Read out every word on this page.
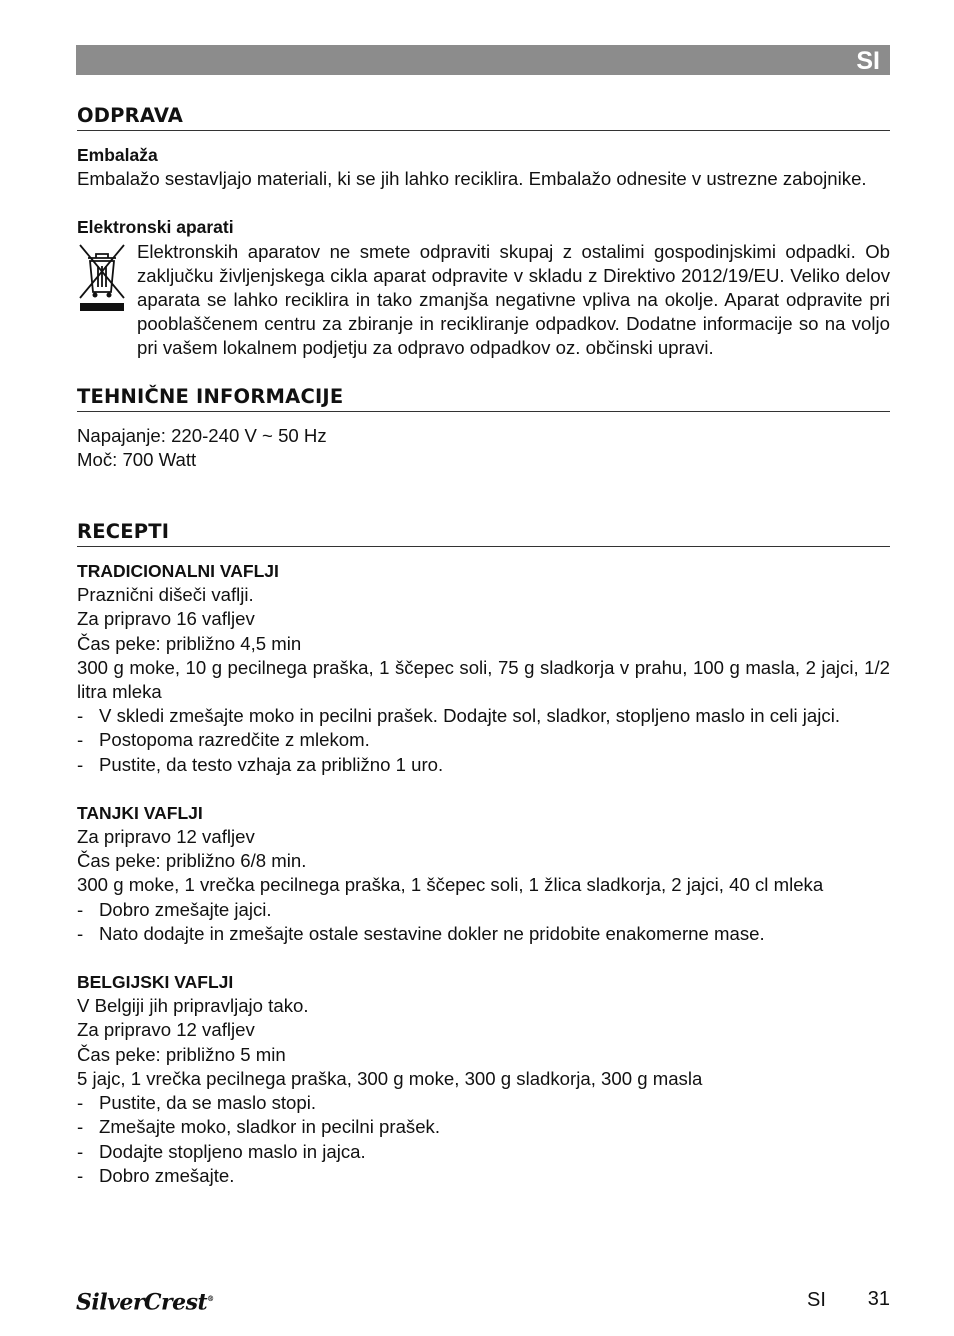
SI
ODPRAVA
Embalaža
Embalažo sestavljajo materiali, ki se jih lahko reciklira. Embalažo odnesite v ustrezne zabojnike.
Elektronski aparati
Elektronskih aparatov ne smete odpraviti skupaj z ostalimi gospodinjskimi odpadki. Ob zaključku življenjskega cikla aparat odpravite v skladu z Direktivo 2012/19/EU. Veliko delov aparata se lahko reciklira in tako zmanjša negativne vpliva na okolje. Aparat odpravite pri pooblaščenem centru za zbiranje in recikliranje odpadkov. Dodatne informacije so na voljo pri vašem lokalnem podjetju za odpravo odpadkov oz. občinski upravi.
TEHNIČNE INFORMACIJE
Napajanje: 220-240 V ~ 50 Hz
Moč: 700 Watt
RECEPTI
TRADICIONALNI VAFLJI
Praznični dišeči vaflji.
Za pripravo 16 vafljev
Čas peke: približno 4,5 min
300 g moke, 10 g pecilnega praška, 1 ščepec soli, 75 g sladkorja v prahu, 100 g masla, 2 jajci, 1/2 litra mleka
- V skledi zmešajte moko in pecilni prašek. Dodajte sol, sladkor, stopljeno maslo in celi jajci.
- Postopoma razredčite z mlekom.
- Pustite, da testo vzhaja za približno 1 uro.
TANJKI VAFLJI
Za pripravo 12 vafljev
Čas peke: približno 6/8 min.
300 g moke, 1 vrečka pecilnega praška, 1 ščepec soli, 1 žlica sladkorja, 2 jajci, 40 cl mleka
- Dobro zmešajte jajci.
- Nato dodajte in zmešajte ostale sestavine dokler ne pridobite enakomerne mase.
BELGIJSKI VAFLJI
V Belgiji jih pripravljajo tako.
Za pripravo 12 vafljev
Čas peke: približno 5 min
5 jajc, 1 vrečka pecilnega praška, 300 g moke, 300 g sladkorja, 300 g masla
- Pustite, da se maslo stopi.
- Zmešajte moko, sladkor in pecilni prašek.
- Dodajte stopljeno maslo in jajca.
- Dobro zmešajte.
SilverCrest®	SI 31
